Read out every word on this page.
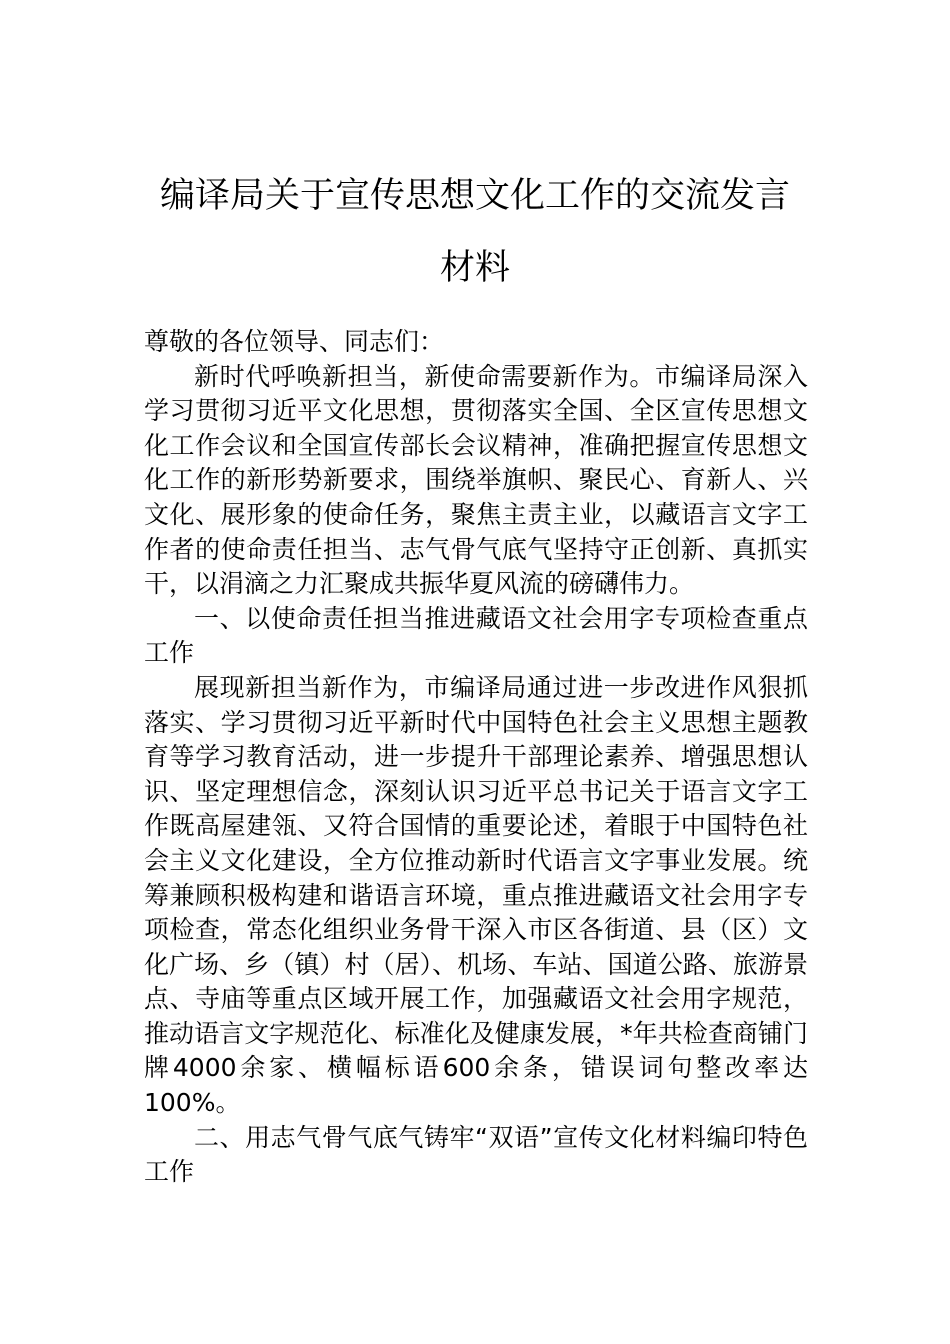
编译局关于宣传思想文化工作的交流发言
材料

尊敬的各位领导、同志们：

新时代呼唤新担当，新使命需要新作为。市编译局深入学习贯彻习近平文化思想，贯彻落实全国、全区宣传思想文化工作会议和全国宣传部长会议精神，准确把握宣传思想文化工作的新形势新要求，围绕举旗帜、聚民心、育新人、兴文化、展形象的使命任务，聚焦主责主业，以藏语言文字工作者的使命责任担当、志气骨气底气坚持守正创新、真抓实干，以涓滴之力汇聚成共振华夏风流的磅礴伟力。

一、以使命责任担当推进藏语文社会用字专项检查重点工作

展现新担当新作为，市编译局通过进一步改进作风狠抓落实、学习贯彻习近平新时代中国特色社会主义思想主题教育等学习教育活动，进一步提升干部理论素养、增强思想认识、坚定理想信念，深刻认识习近平总书记关于语言文字工作既高屋建瓴、又符合国情的重要论述，着眼于中国特色社会主义文化建设，全方位推动新时代语言文字事业发展。统筹兼顾积极构建和谐语言环境，重点推进藏语文社会用字专项检查，常态化组织业务骨干深入市区各街道、县（区）文化广场、乡（镇）村（居）、机场、车站、国道公路、旅游景点、寺庙等重点区域开展工作，加强藏语文社会用字规范，推动语言文字规范化、标准化及健康发展，*年共检查商铺门牌4000余家、横幅标语600余条，错误词句整改率达100%。

二、用志气骨气底气铸牢“双语”宣传文化材料编印特色工作
